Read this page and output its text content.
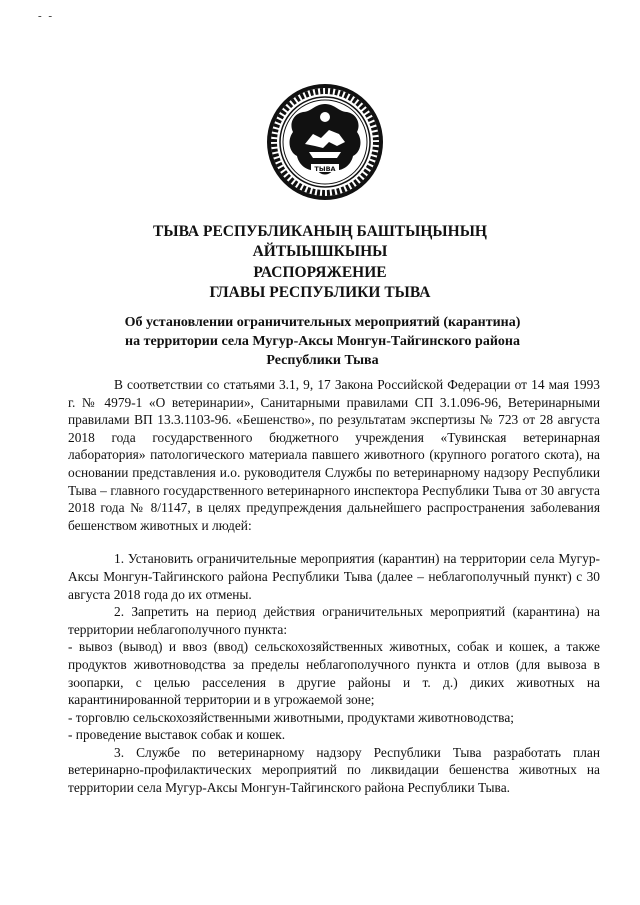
- -
ТЫВА
ТЫВА РЕСПУБЛИКАНЫҢ БАШТЫҢЫНЫҢ
АЙТЫЫШКЫНЫ
РАСПОРЯЖЕНИЕ
ГЛАВЫ РЕСПУБЛИКИ ТЫВА
Об установлении ограничительных мероприятий (карантина)
на территории села Мугур-Аксы Монгун-Тайгинского района
Республики Тыва

В соответствии со статьями 3.1, 9, 17 Закона Российской Федерации от 14 мая 1993 г. № 4979-1 «О ветеринарии», Санитарными правилами СП 3.1.096-96, Ветеринарными правилами ВП 13.3.1103-96. «Бешенство», по результатам экспертизы № 723 от 28 августа 2018 года государственного бюджетного учреждения «Тувинская ветеринарная лаборатория» патологического материала павшего животного (крупного рогатого скота), на основании представления и.о. руководителя Службы по ветеринарному надзору Республики Тыва – главного государственного ветеринарного инспектора Республики Тыва от 30 августа 2018 года № 8/1147, в целях предупреждения дальнейшего распространения заболевания бешенством животных и людей:

1. Установить ограничительные мероприятия (карантин) на территории села Мугур-Аксы Монгун-Тайгинского района Республики Тыва (далее – неблагополучный пункт) с 30 августа 2018 года до их отмены.

2. Запретить на период действия ограничительных мероприятий (карантина) на территории неблагополучного пункта:

- вывоз (вывод) и ввоз (ввод) сельскохозяйственных животных, собак и кошек, а также продуктов животноводства за пределы неблагополучного пункта и отлов (для вывоза в зоопарки, с целью расселения в другие районы и т. д.) диких животных на карантинированной территории и в угрожаемой зоне;

- торговлю сельскохозяйственными животными, продуктами животноводства;

- проведение выставок собак и кошек.

3. Службе по ветеринарному надзору Республики Тыва разработать план ветеринарно-профилактических мероприятий по ликвидации бешенства животных на территории села Мугур-Аксы Монгун-Тайгинского района Республики Тыва.
